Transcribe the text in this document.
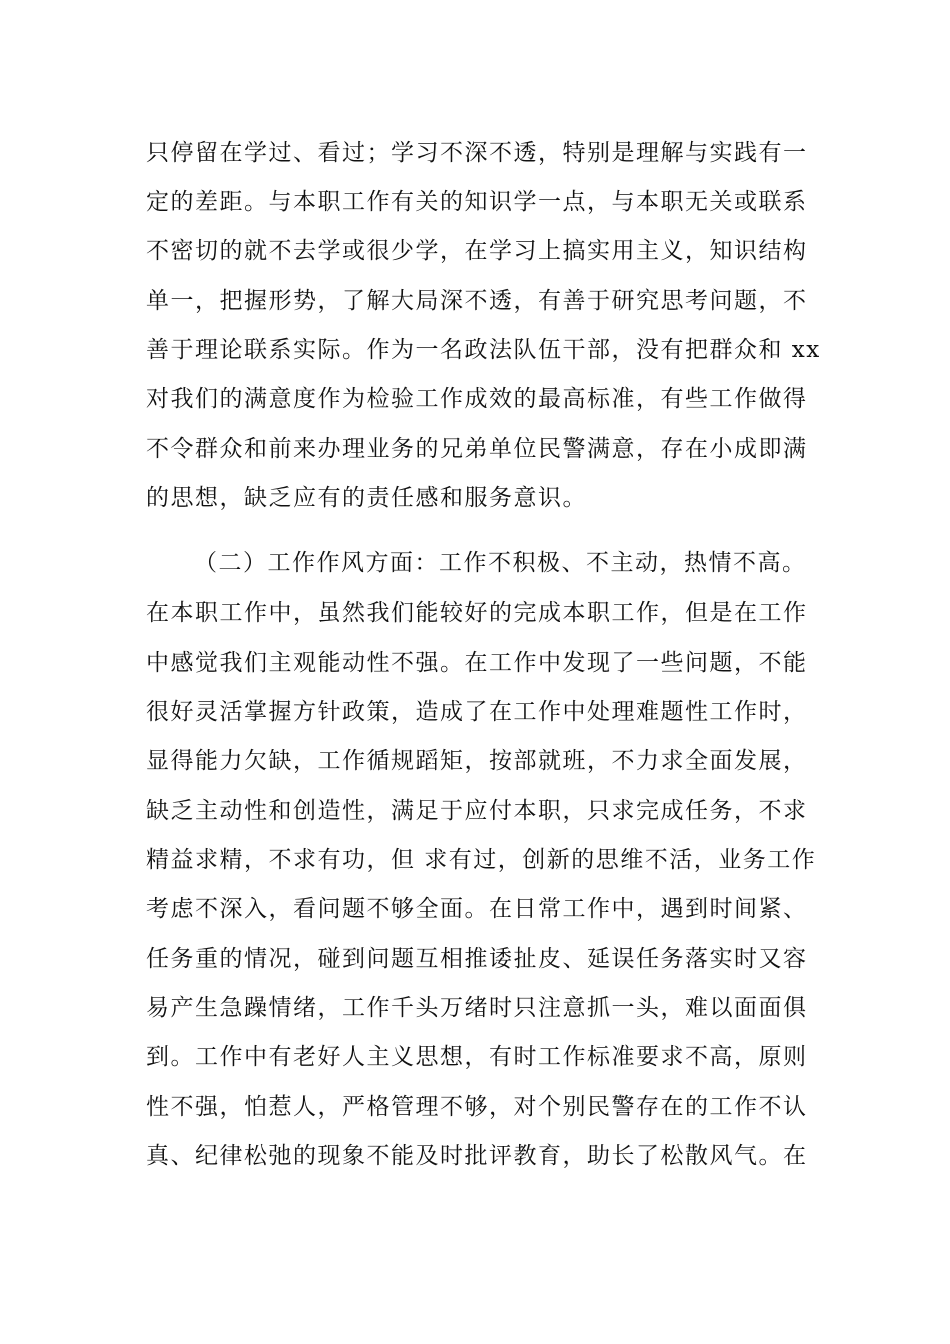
只停留在学过、看过；学习不深不透，特别是理解与实践有一
定的差距。与本职工作有关的知识学一点，与本职无关或联系
不密切的就不去学或很少学，在学习上搞实用主义，知识结构
单一，把握形势，了解大局深不透，有善于研究思考问题，不
善于理论联系实际。作为一名政法队伍干部，没有把群众和 xx
对我们的满意度作为检验工作成效的最高标准，有些工作做得
不令群众和前来办理业务的兄弟单位民警满意，存在小成即满
的思想，缺乏应有的责任感和服务意识。
（二）工作作风方面：工作不积极、不主动，热情不高。
在本职工作中，虽然我们能较好的完成本职工作，但是在工作
中感觉我们主观能动性不强。在工作中发现了一些问题，不能
很好灵活掌握方针政策，造成了在工作中处理难题性工作时，
显得能力欠缺，工作循规蹈矩，按部就班，不力求全面发展，
缺乏主动性和创造性，满足于应付本职，只求完成任务，不求
精益求精，不求有功，但 求有过，创新的思维不活，业务工作
考虑不深入，看问题不够全面。在日常工作中，遇到时间紧、
任务重的情况，碰到问题互相推诿扯皮、延误任务落实时又容
易产生急躁情绪，工作千头万绪时只注意抓一头，难以面面俱
到。工作中有老好人主义思想，有时工作标准要求不高，原则
性不强，怕惹人，严格管理不够，对个别民警存在的工作不认
真、纪律松弛的现象不能及时批评教育，助长了松散风气。在
